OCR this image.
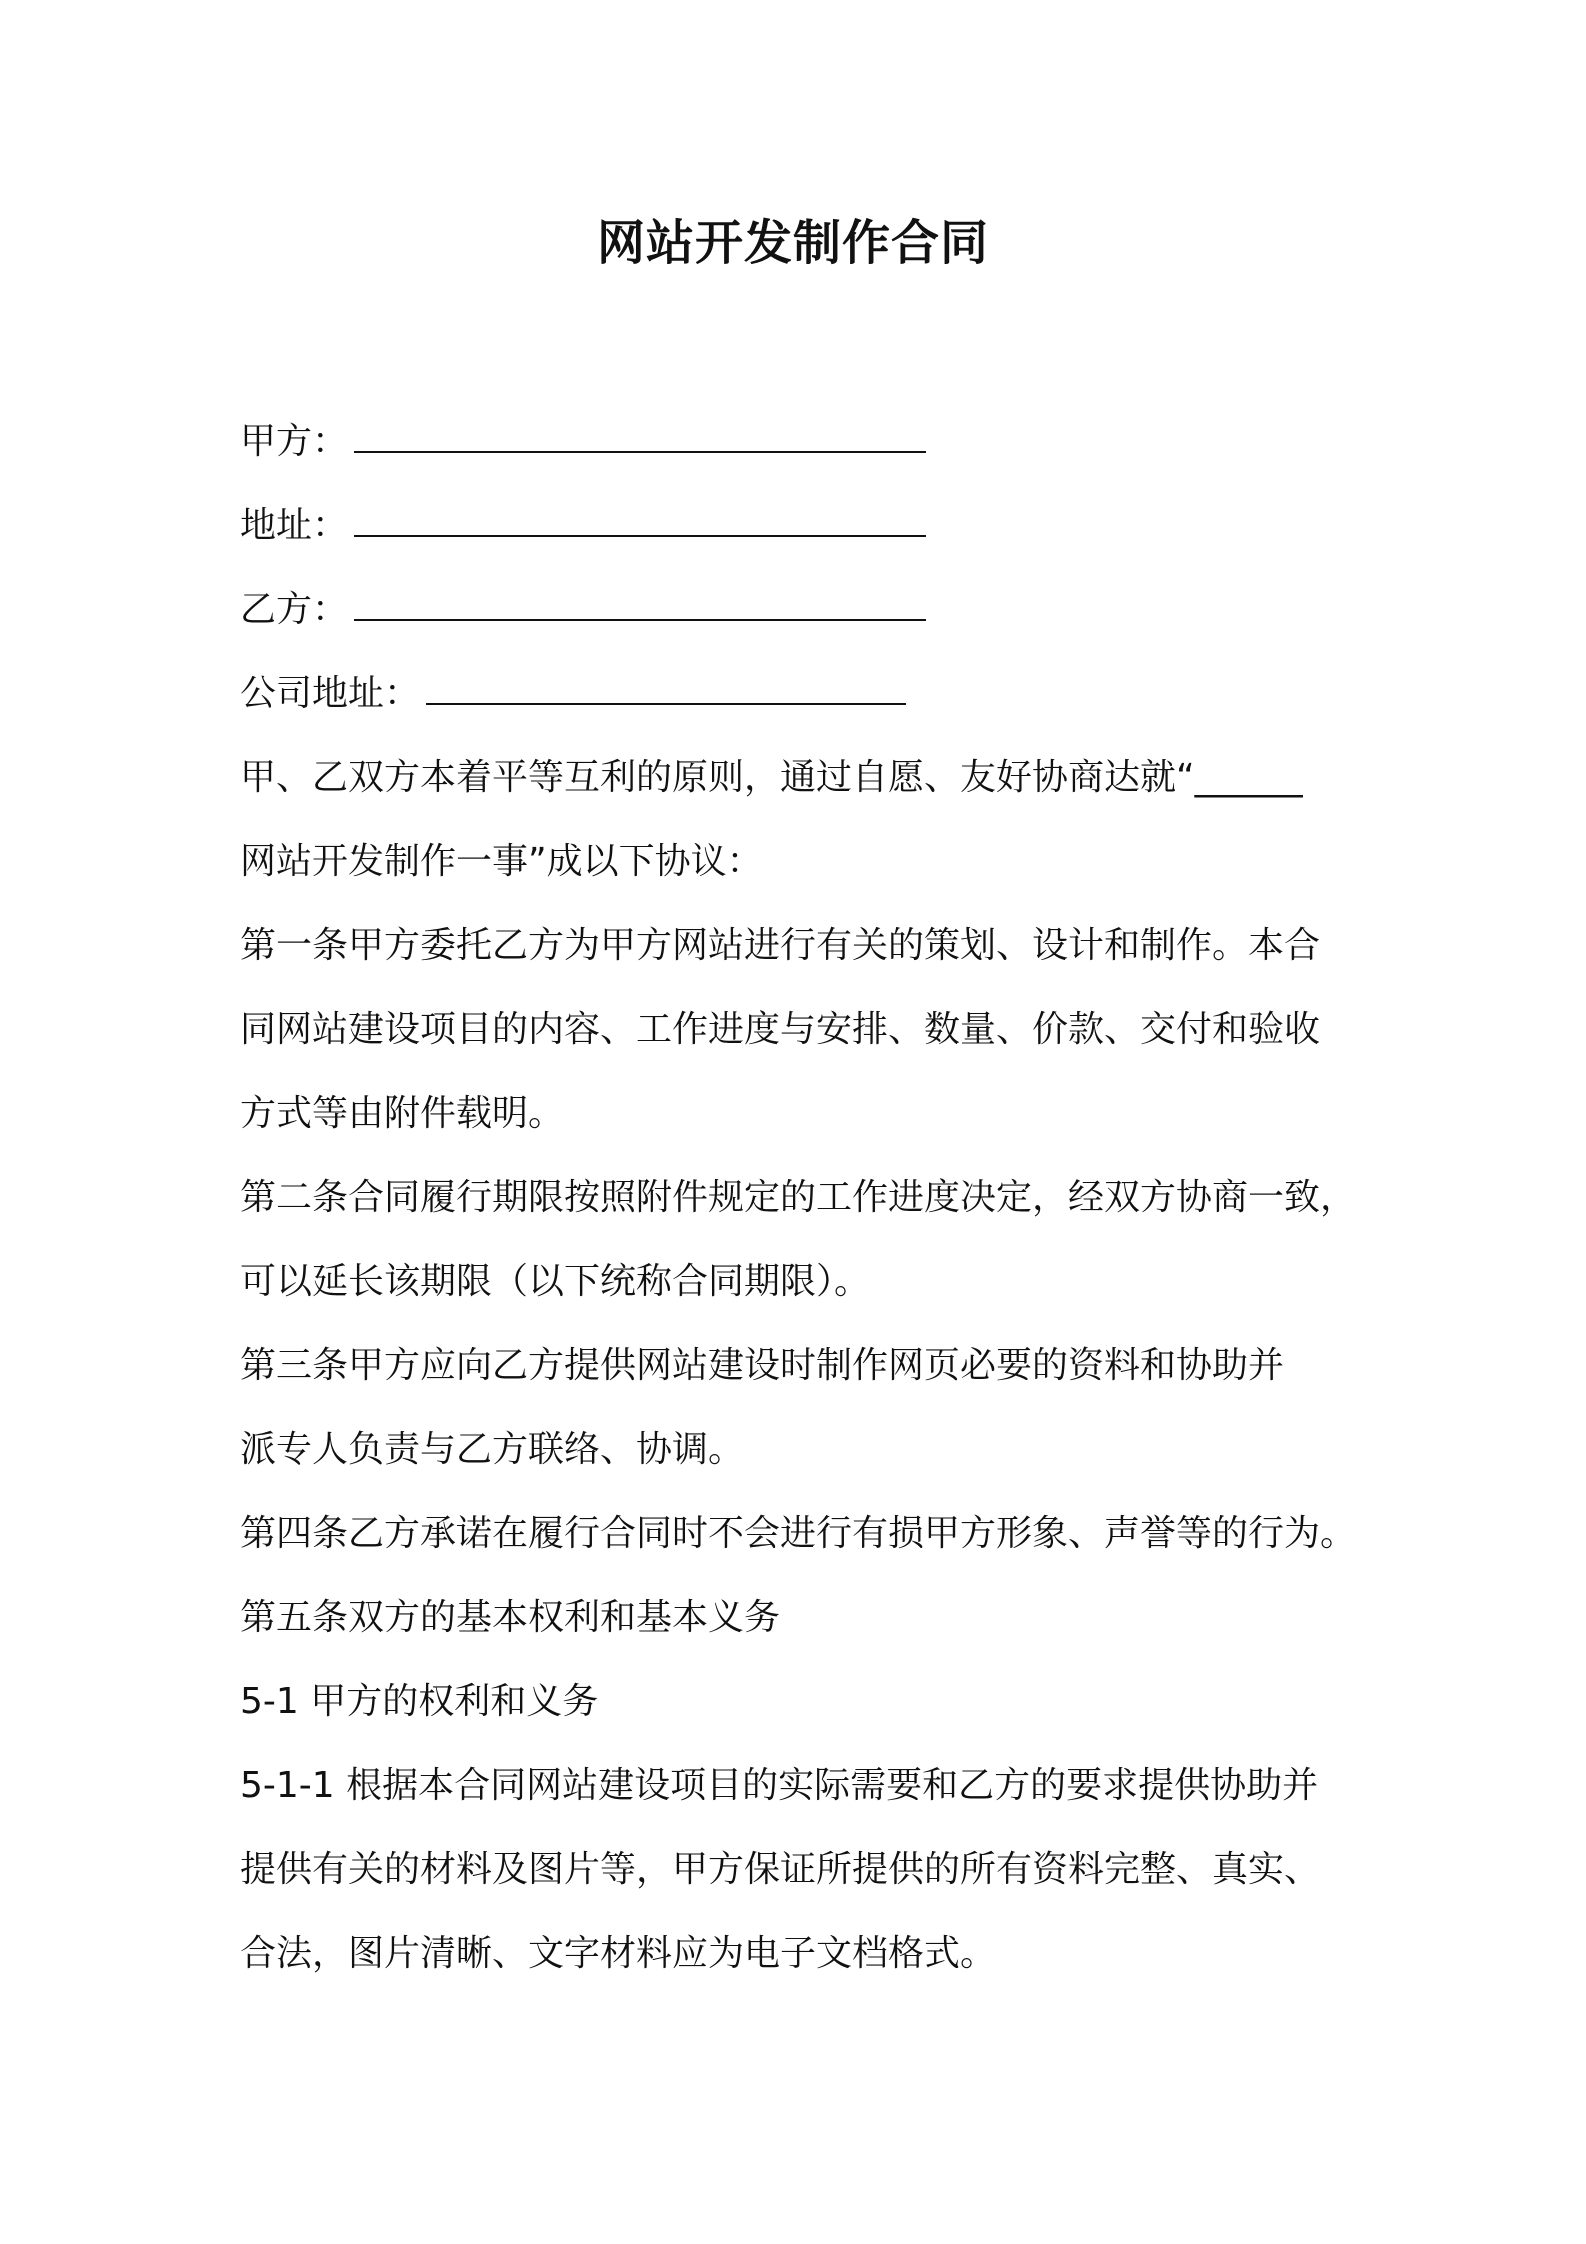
网站开发制作合同
甲方：
地址：
乙方：
公司地址：
甲、乙双方本着平等互利的原则，通过自愿、友好协商达就“______
网站开发制作一事”成以下协议：
第一条甲方委托乙方为甲方网站进行有关的策划、设计和制作。本合
同网站建设项目的内容、工作进度与安排、数量、价款、交付和验收
方式等由附件载明。
第二条合同履行期限按照附件规定的工作进度决定，经双方协商一致，
可以延长该期限（以下统称合同期限）。
第三条甲方应向乙方提供网站建设时制作网页必要的资料和协助并
派专人负责与乙方联络、协调。
第四条乙方承诺在履行合同时不会进行有损甲方形象、声誉等的行为。
第五条双方的基本权利和基本义务
5-1 甲方的权利和义务
5-1-1 根据本合同网站建设项目的实际需要和乙方的要求提供协助并
提供有关的材料及图片等，甲方保证所提供的所有资料完整、真实、
合法，图片清晰、文字材料应为电子文档格式。
